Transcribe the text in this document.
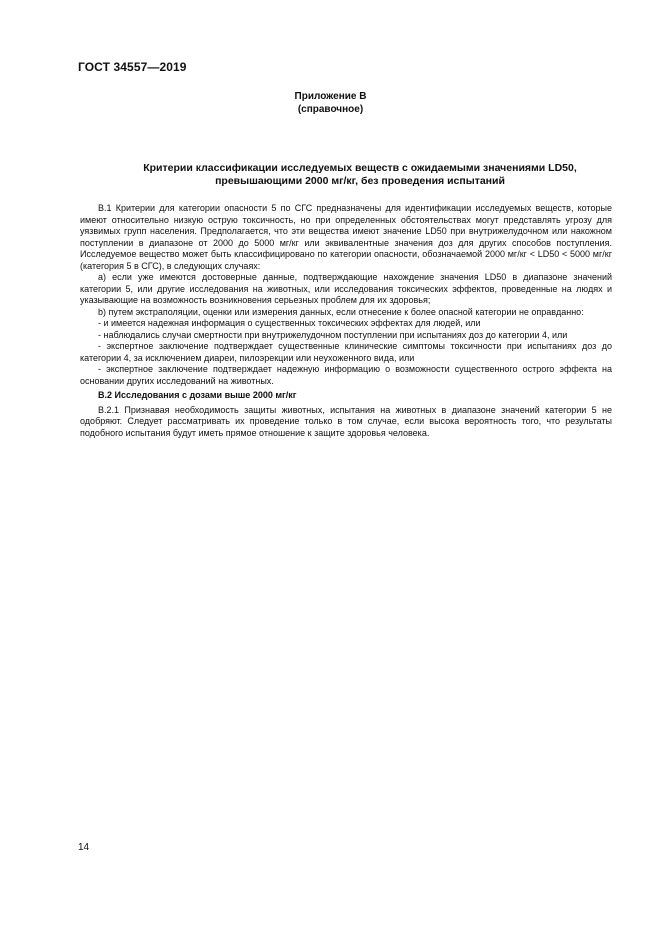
ГОСТ 34557—2019
Приложение В
(справочное)
Критерии классификации исследуемых веществ с ожидаемыми значениями LD50,
превышающими 2000 мг/кг, без проведения испытаний

В.1 Критерии для категории опасности 5 по СГС предназначены для идентификации исследуемых веществ, которые имеют относительно низкую острую токсичность, но при определенных обстоятельствах могут представлять угрозу для уязвимых групп населения. Предполагается, что эти вещества имеют значение LD50 при внутрижелудочном или накожном поступлении в диапазоне от 2000 до 5000 мг/кг или эквивалентные значения доз для других способов поступления. Исследуемое вещество может быть классифицировано по категории опасности, обозначаемой 2000 мг/кг < LD50 < 5000 мг/кг (категория 5 в СГС), в следующих случаях:

а) если уже имеются достоверные данные, подтверждающие нахождение значения LD50 в диапазоне значений категории 5, или другие исследования на животных, или исследования токсических эффектов, проведенные на людях и указывающие на возможность возникновения серьезных проблем для их здоровья;

b) путем экстраполяции, оценки или измерения данных, если отнесение к более опасной категории не оправданно:

- и имеется надежная информация о существенных токсических эффектах для людей, или

- наблюдались случаи смертности при внутрижелудочном поступлении при испытаниях доз до категории 4, или

- экспертное заключение подтверждает существенные клинические симптомы токсичности при испытаниях доз до категории 4, за исключением диареи, пилоэрекции или неухоженного вида, или

- экспертное заключение подтверждает надежную информацию о возможности существенного острого эффекта на основании других исследований на животных.

В.2 Исследования с дозами выше 2000 мг/кг

В.2.1 Признавая необходимость защиты животных, испытания на животных в диапазоне значений категории 5 не одобряют. Следует рассматривать их проведение только в том случае, если высока вероятность того, что результаты подобного испытания будут иметь прямое отношение к защите здоровья человека.

14
